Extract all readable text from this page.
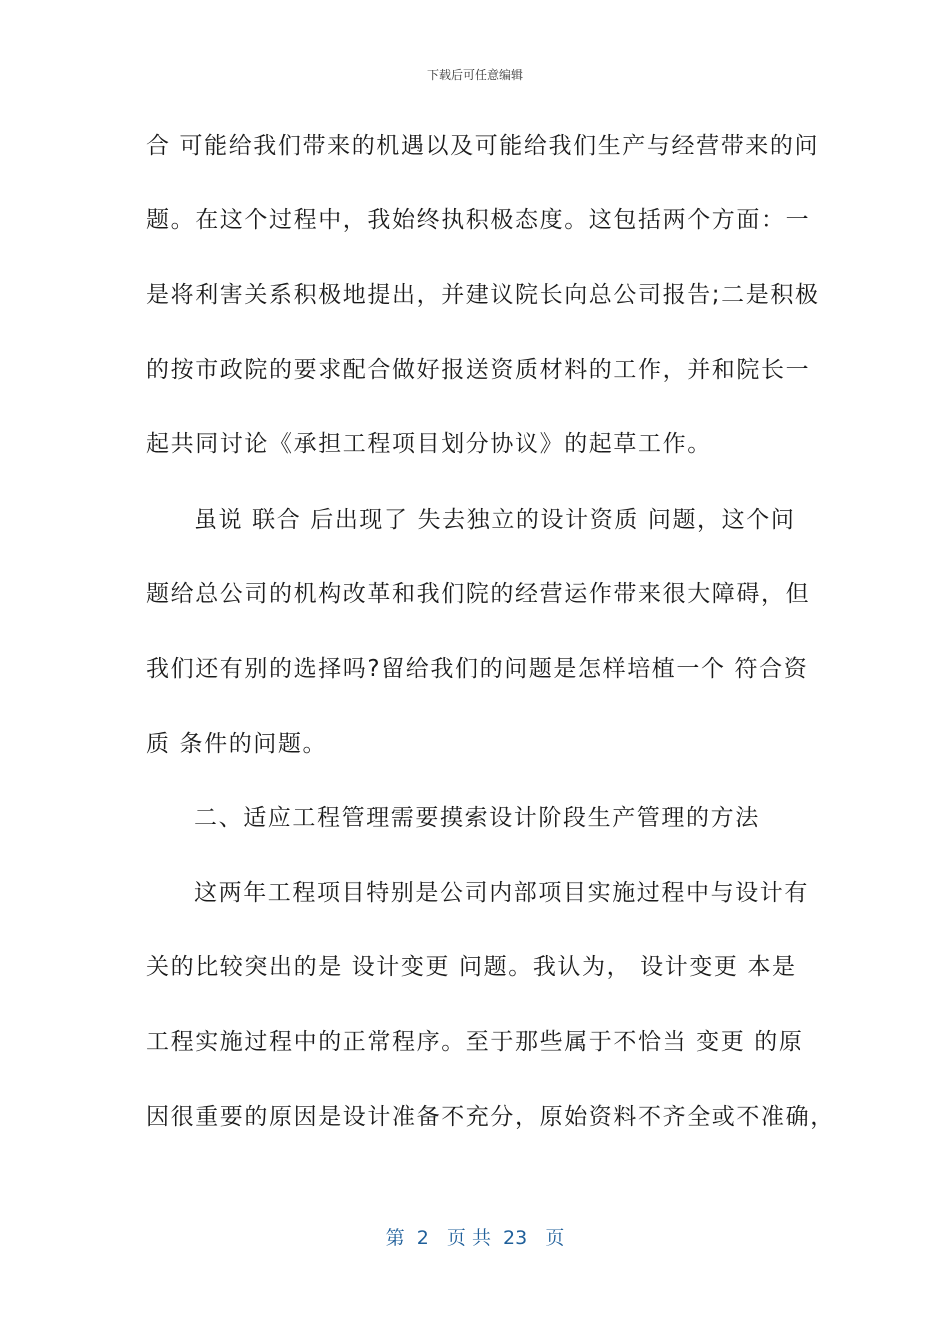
下载后可任意编辑
合 可能给我们带来的机遇以及可能给我们生产与经营带来的问
题。在这个过程中，我始终执积极态度。这包括两个方面：一
是将利害关系积极地提出，并建议院长向总公司报告;二是积极
的按市政院的要求配合做好报送资质材料的工作，并和院长一
起共同讨论《承担工程项目划分协议》的起草工作。
虽说 联合 后出现了 失去独立的设计资质 问题，这个问
题给总公司的机构改革和我们院的经营运作带来很大障碍，但
我们还有别的选择吗?留给我们的问题是怎样培植一个 符合资
质 条件的问题。
二、适应工程管理需要摸索设计阶段生产管理的方法
这两年工程项目特别是公司内部项目实施过程中与设计有
关的比较突出的是 设计变更 问题。我认为， 设计变更 本是
工程实施过程中的正常程序。至于那些属于不恰当 变更 的原
因很重要的原因是设计准备不充分，原始资料不齐全或不准确，
第  2   页 共  23   页
